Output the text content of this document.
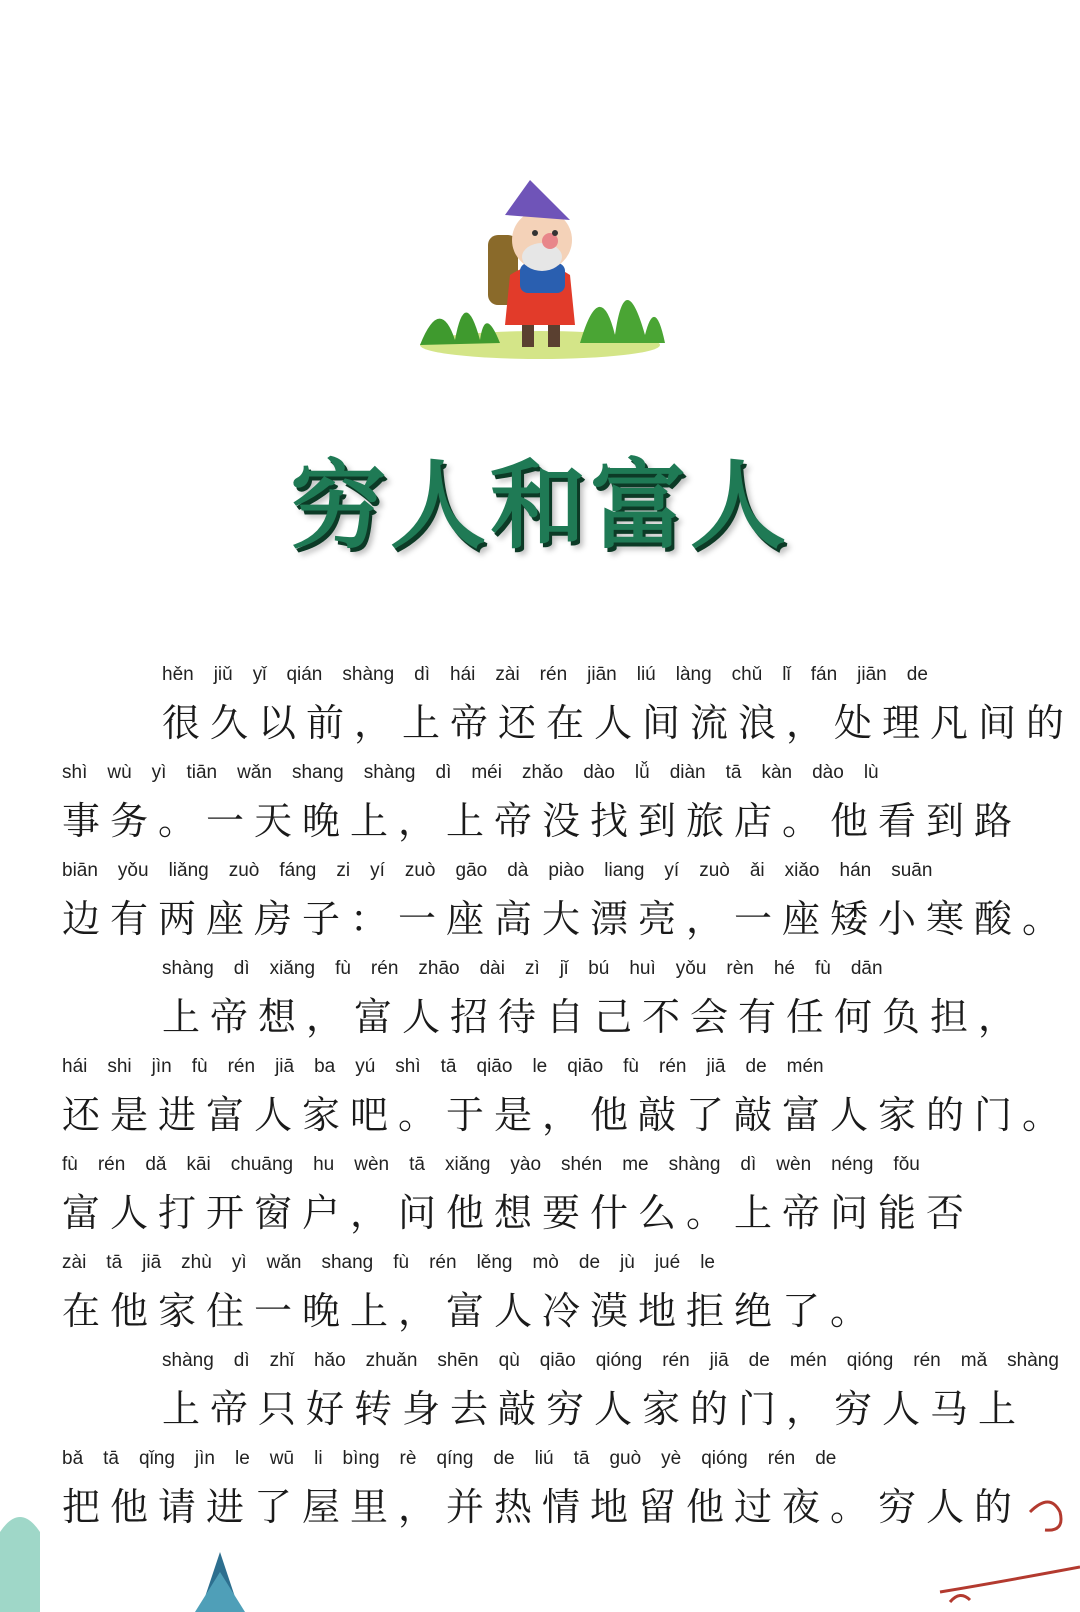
穷人和富人
hěn jiǔ yǐ qián shàng dì hái zài rén jiān liú làng chǔ lǐ fán jiān de
很久以前，上帝还在人间流浪，处理凡间的
shì wù yì tiān wǎn shang shàng dì méi zhǎo dào lǚ diàn tā kàn dào lù
事务。一天晚上，上帝没找到旅店。他看到路
biān yǒu liǎng zuò fáng zi yí zuò gāo dà piào liang yí zuò ǎi xiǎo hán suān
边有两座房子：一座高大漂亮，一座矮小寒酸。
shàng dì xiǎng fù rén zhāo dài zì jǐ bú huì yǒu rèn hé fù dān
上帝想，富人招待自己不会有任何负担，
hái shi jìn fù rén jiā ba yú shì tā qiāo le qiāo fù rén jiā de mén
还是进富人家吧。于是，他敲了敲富人家的门。
fù rén dǎ kāi chuāng hu wèn tā xiǎng yào shén me shàng dì wèn néng fǒu
富人打开窗户，问他想要什么。上帝问能否
zài tā jiā zhù yì wǎn shang fù rén lěng mò de jù jué le
在他家住一晚上，富人冷漠地拒绝了。
shàng dì zhǐ hǎo zhuǎn shēn qù qiāo qióng rén jiā de mén qióng rén mǎ shàng
上帝只好转身去敲穷人家的门，穷人马上
bǎ tā qǐng jìn le wū li bìng rè qíng de liú tā guò yè qióng rén de
把他请进了屋里，并热情地留他过夜。穷人的
